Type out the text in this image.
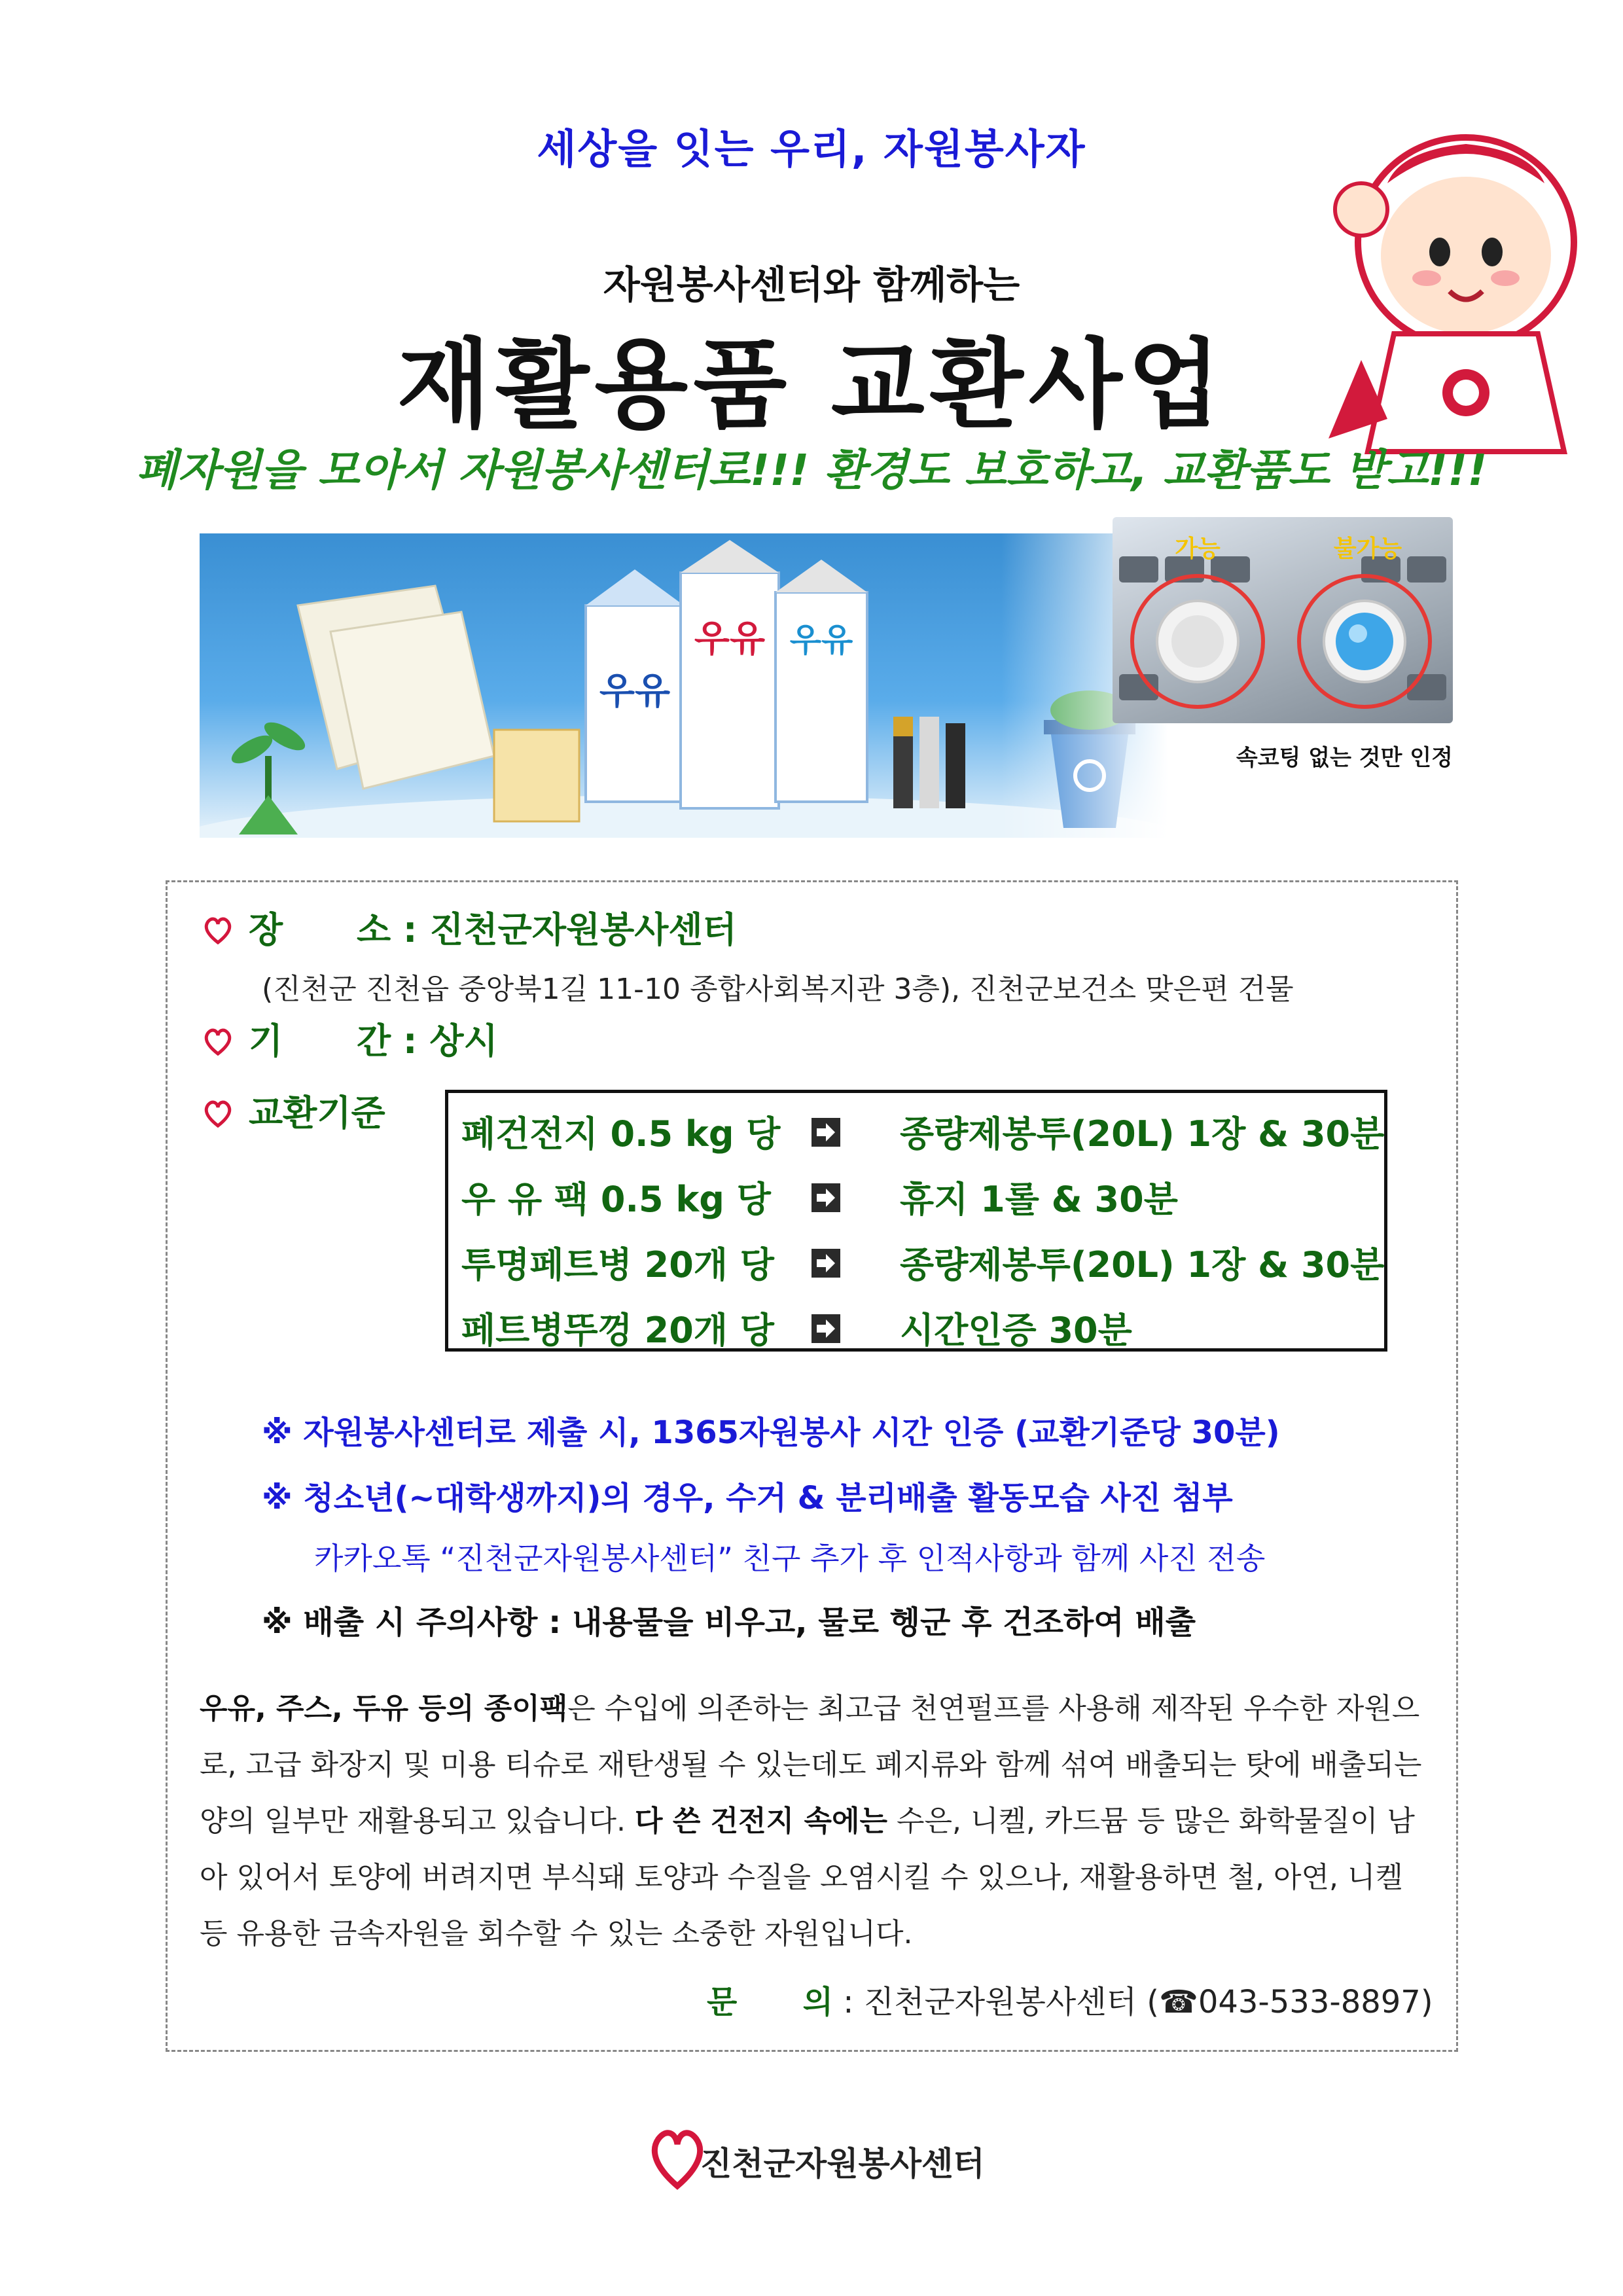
세상을 잇는 우리, 자원봉사자
자원봉사센터와 함께하는
재활용품 교환사업
폐자원을 모아서 자원봉사센터로!!! 환경도 보호하고, 교환품도 받고!!!
우유
우유 우유
가능	불가능
속코팅 없는 것만 인정
장      소 : 진천군자원봉사센터
(진천군 진천읍 중앙북1길 11-10 종합사회복지관 3층), 진천군보건소 맞은편 건물
기      간 : 상시
교환기준
폐건전지 0.5 kg 당	종량제봉투(20L) 1장 & 30분
우 유 팩 0.5 kg 당	휴지 1롤 & 30분
투명페트병 20개 당	종량제봉투(20L) 1장 & 30분
페트병뚜껑 20개 당	시간인증 30분
※ 자원봉사센터로 제출 시, 1365자원봉사 시간 인증 (교환기준당 30분)
※ 청소년(~대학생까지)의 경우, 수거 & 분리배출 활동모습 사진 첨부
카카오톡 “진천군자원봉사센터” 친구 추가 후 인적사항과 함께 사진 전송
※ 배출 시 주의사항 : 내용물을 비우고, 물로 헹군 후 건조하여 배출
우유, 주스, 두유 등의 종이팩은 수입에 의존하는 최고급 천연펄프를 사용해 제작된 우수한 자원으로, 고급 화장지 및 미용 티슈로 재탄생될 수 있는데도 폐지류와 함께 섞여 배출되는 탓에 배출되는 양의 일부만 재활용되고 있습니다. 다 쓴 건전지 속에는 수은, 니켈, 카드뮴 등 많은 화학물질이 남아 있어서 토양에 버려지면 부식돼 토양과 수질을 오염시킬 수 있으나, 재활용하면 철, 아연, 니켈 등 유용한 금속자원을 회수할 수 있는 소중한 자원입니다.
문      의 : 진천군자원봉사센터 (☎043-533-8897)
진천군자원봉사센터
